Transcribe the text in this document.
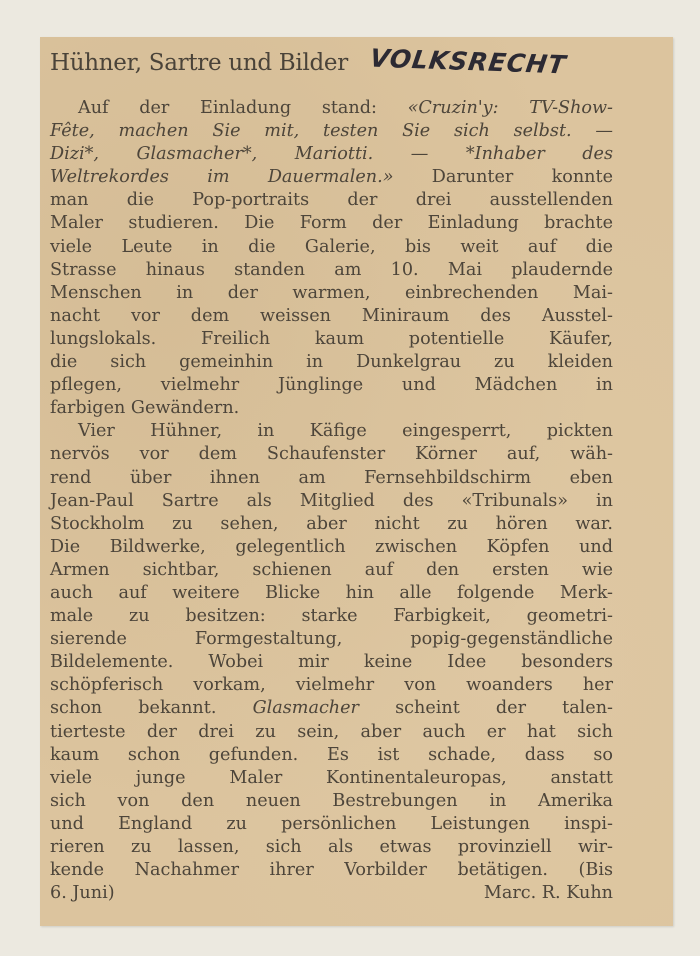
Hühner, Sartre und Bilder VOLKSRECHT
Auf der Einladung stand: «Cruzin'y: TV-Show-
Fête, machen Sie mit, testen Sie sich selbst. —
Dizi*, Glasmacher*, Mariotti. — *Inhaber des
Weltrekordes im Dauermalen.» Darunter konnte
man die Pop-portraits der drei ausstellenden
Maler studieren. Die Form der Einladung brachte
viele Leute in die Galerie, bis weit auf die
Strasse hinaus standen am 10. Mai plaudernde
Menschen in der warmen, einbrechenden Mai-
nacht vor dem weissen Miniraum des Ausstel-
lungslokals. Freilich kaum potentielle Käufer,
die sich gemeinhin in Dunkelgrau zu kleiden
pflegen, vielmehr Jünglinge und Mädchen in
farbigen Gewändern.
Vier Hühner, in Käfige eingesperrt, pickten
nervös vor dem Schaufenster Körner auf, wäh-
rend über ihnen am Fernsehbildschirm eben
Jean-Paul Sartre als Mitglied des «Tribunals» in
Stockholm zu sehen, aber nicht zu hören war.
Die Bildwerke, gelegentlich zwischen Köpfen und
Armen sichtbar, schienen auf den ersten wie
auch auf weitere Blicke hin alle folgende Merk-
male zu besitzen: starke Farbigkeit, geometri-
sierende Formgestaltung, popig-gegenständliche
Bildelemente. Wobei mir keine Idee besonders
schöpferisch vorkam, vielmehr von woanders her
schon bekannt. Glasmacher scheint der talen-
tierteste der drei zu sein, aber auch er hat sich
kaum schon gefunden. Es ist schade, dass so
viele junge Maler Kontinentaleuropas, anstatt
sich von den neuen Bestrebungen in Amerika
und England zu persönlichen Leistungen inspi-
rieren zu lassen, sich als etwas provinziell wir-
kende Nachahmer ihrer Vorbilder betätigen. (Bis
6. Juni)	Marc. R. Kuhn
